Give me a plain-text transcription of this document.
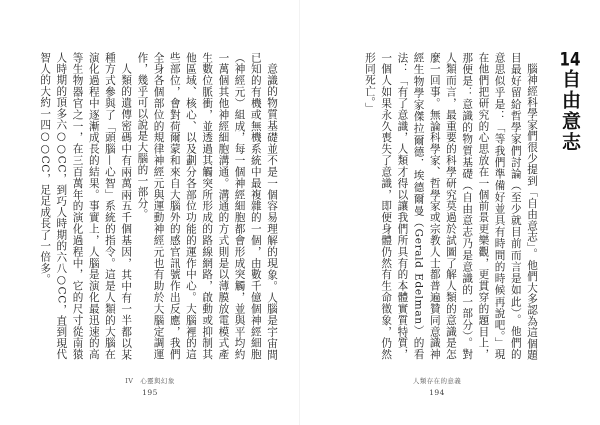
意識的物質基礎並不是一個容易理解的現象。人腦是宇宙間已知的有機或無機系統中最複雜的一個，由數千億個神經細胞（神經元）組成，每一個神經細胞都會形成突觸，並與平均約一萬個其他神經細胞溝通。溝通的方式則是以薄膜放電模式產生數位脈衝，並透過其觸突所形成的路線網路，啟動或抑制其他區域、核心、以及劃分各部位功能的運作中心。大腦裡的這些部位，會對荷爾蒙和來自大腦外的感官訊號作出反應，我們全身各個部位的規律神經元與運動神經元也有助於大腦定調運作，幾乎可以說是大腦的一部分。

人類的遺傳密碼中有兩萬兩五千個基因，其中有一半都以某種方式參與了「頭腦—心智」系統的指令。這是人類的大腦在演化過程中逐漸成長的結果。事實上，人腦是演化最迅速的高等生物器官之一，在三百萬年的演化過程中，它的尺寸從南猿人時期的頂多六○○CC，到巧人時期的六八○CC，直到現代智人的大約一四○○CC，足足成長了一倍多。

IV　心靈與幻象
195
14自由意志

腦神經科學家們很少提到「自由意志」。他們大多認為這個題目最好留給哲學家們討論（至少就目前而言是如此）。他們的意思似乎是：「等我們準備好並具有時間的時候再說吧。」現在他們把研究的心思放在一個前景更樂觀，更貫穿的題目上，那便是：意識的物質基礎（自由意志乃是意識的一部分）。對人類而言，最重要的科學研究莫過於試圖了解人類的意識是怎麼一回事。無論科學家、哲學家或宗教人士都普遍贊同意識神經生物學家傑拉爾德．埃德爾曼（Gerald Edelman）的看法：「有了意識，人類才得以讓我們所具有的本體實質特質，一個人如果永久喪失了意識，即便身體仍然有生命徵象，仍然形同死亡。」

人類存在的意義
194
